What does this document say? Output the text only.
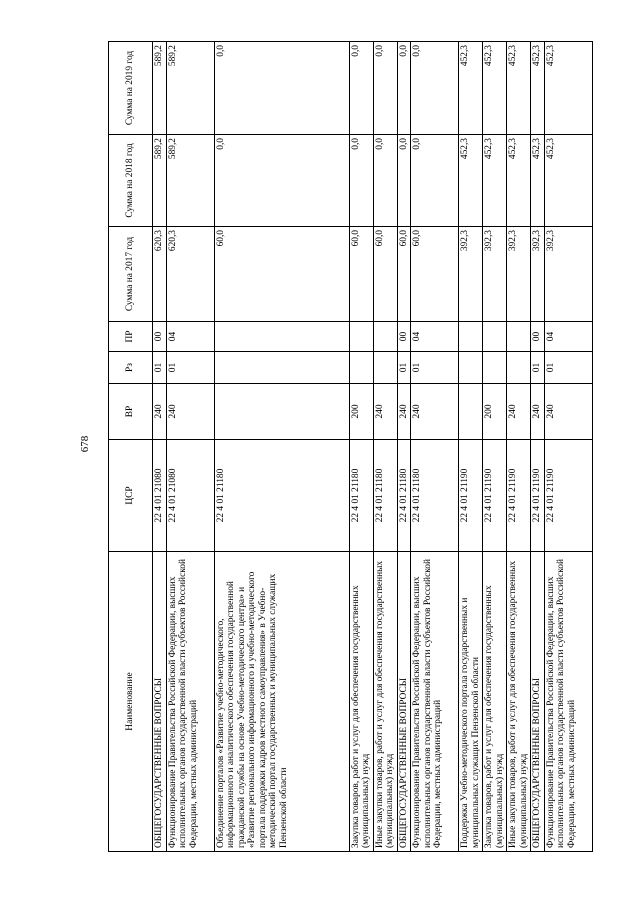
678
Наименование	ЦСР	ВР	Рз	ПР	Сумма на 2017 год	Сумма на 2018 год	Сумма на 2019 год
ОБЩЕГОСУДАРСТВЕННЫЕ ВОПРОСЫ	22 4 01 21080	240	01	00	620,3	589,2	589,2
Функционирование Правительства Российской Федерации, высших исполнительных органов государственной власти субъектов Российской Федерации, местных администраций	22 4 01 21080	240	01	04	620,3	589,2	589,2
Объединение порталов «Развитие учебно-методического, информационного и аналитического обеспечения государственной гражданской службы на основе Учебно-методического центра» и «Развитие регионального информационного и учебно-методического портала поддержки кадров местного самоуправления» в Учебно-методический портал государственных и муниципальных служащих Пензенской области	22 4 01 21180				60,0	0,0	0,0
Закупка товаров, работ и услуг для обеспечения государственных (муниципальных) нужд	22 4 01 21180	200			60,0	0,0	0,0
Иные закупки товаров, работ и услуг для обеспечения государственных (муниципальных) нужд	22 4 01 21180	240			60,0	0,0	0,0
ОБЩЕГОСУДАРСТВЕННЫЕ ВОПРОСЫ	22 4 01 21180	240	01	00	60,0	0,0	0,0
Функционирование Правительства Российской Федерации, высших исполнительных органов государственной власти субъектов Российской Федерации, местных администраций	22 4 01 21180	240	01	04	60,0	0,0	0,0
Поддержка Учебно-методического портала государственных и муниципальных служащих Пензенской области	22 4 01 21190				392,3	452,3	452,3
Закупка товаров, работ и услуг для обеспечения государственных (муниципальных) нужд	22 4 01 21190	200			392,3	452,3	452,3
Иные закупки товаров, работ и услуг для обеспечения государственных (муниципальных) нужд	22 4 01 21190	240			392,3	452,3	452,3
ОБЩЕГОСУДАРСТВЕННЫЕ ВОПРОСЫ	22 4 01 21190	240	01	00	392,3	452,3	452,3
Функционирование Правительства Российской Федерации, высших исполнительных органов государственной власти субъектов Российской Федерации, местных администраций	22 4 01 21190	240	01	04	392,3	452,3	452,3
